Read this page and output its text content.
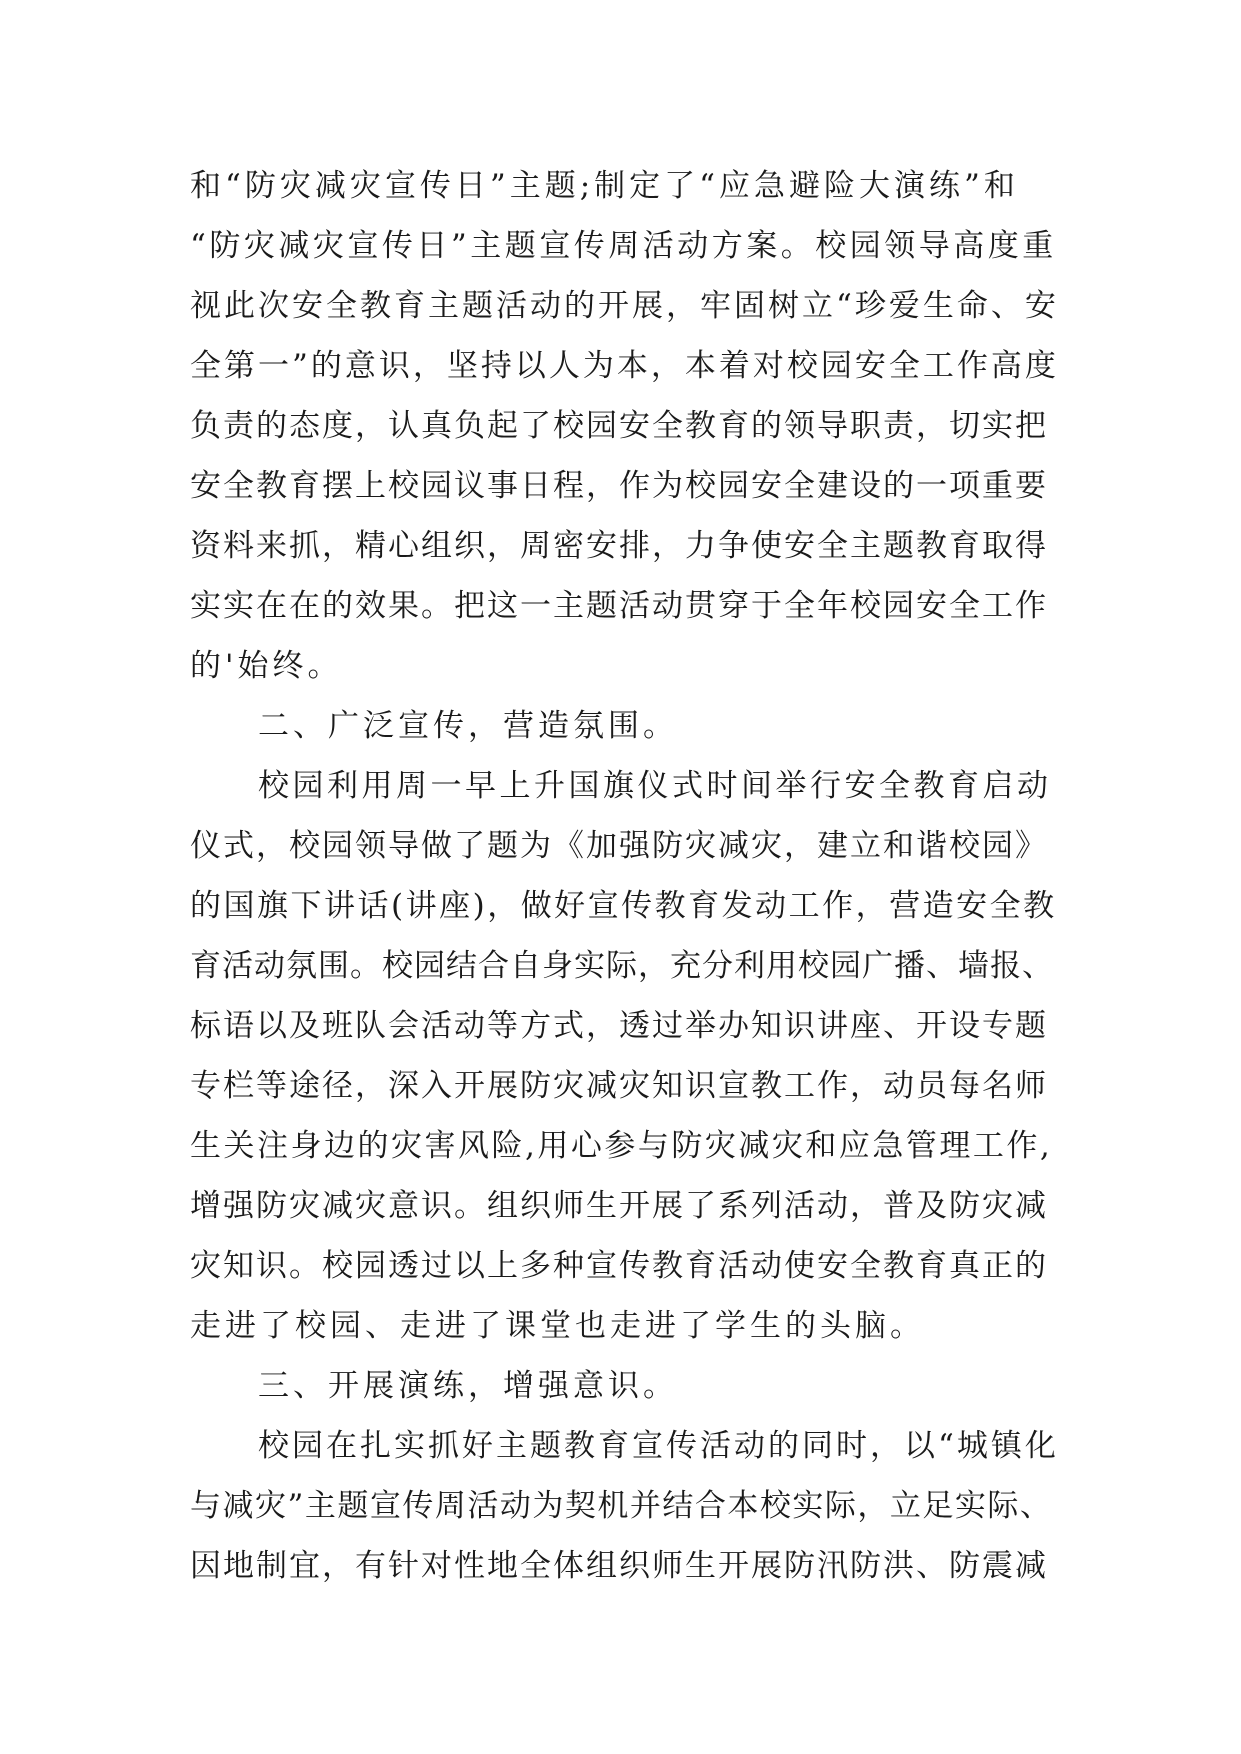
和“防灾减灾宣传日”主题;制定了“应急避险大演练”和
“防灾减灾宣传日”主题宣传周活动方案。校园领导高度重
视此次安全教育主题活动的开展，牢固树立“珍爱生命、安
全第一”的意识，坚持以人为本，本着对校园安全工作高度
负责的态度，认真负起了校园安全教育的领导职责，切实把
安全教育摆上校园议事日程，作为校园安全建设的一项重要
资料来抓，精心组织，周密安排，力争使安全主题教育取得
实实在在的效果。把这一主题活动贯穿于全年校园安全工作
的'始终。
二、广泛宣传，营造氛围。
校园利用周一早上升国旗仪式时间举行安全教育启动
仪式，校园领导做了题为《加强防灾减灾，建立和谐校园》
的国旗下讲话(讲座)，做好宣传教育发动工作，营造安全教
育活动氛围。校园结合自身实际，充分利用校园广播、墙报、
标语以及班队会活动等方式，透过举办知识讲座、开设专题
专栏等途径，深入开展防灾减灾知识宣教工作，动员每名师
生关注身边的灾害风险,用心参与防灾减灾和应急管理工作,
增强防灾减灾意识。组织师生开展了系列活动，普及防灾减
灾知识。校园透过以上多种宣传教育活动使安全教育真正的
走进了校园、走进了课堂也走进了学生的头脑。
三、开展演练，增强意识。
校园在扎实抓好主题教育宣传活动的同时，以“城镇化
与减灾”主题宣传周活动为契机并结合本校实际，立足实际、
因地制宜，有针对性地全体组织师生开展防汛防洪、防震减
